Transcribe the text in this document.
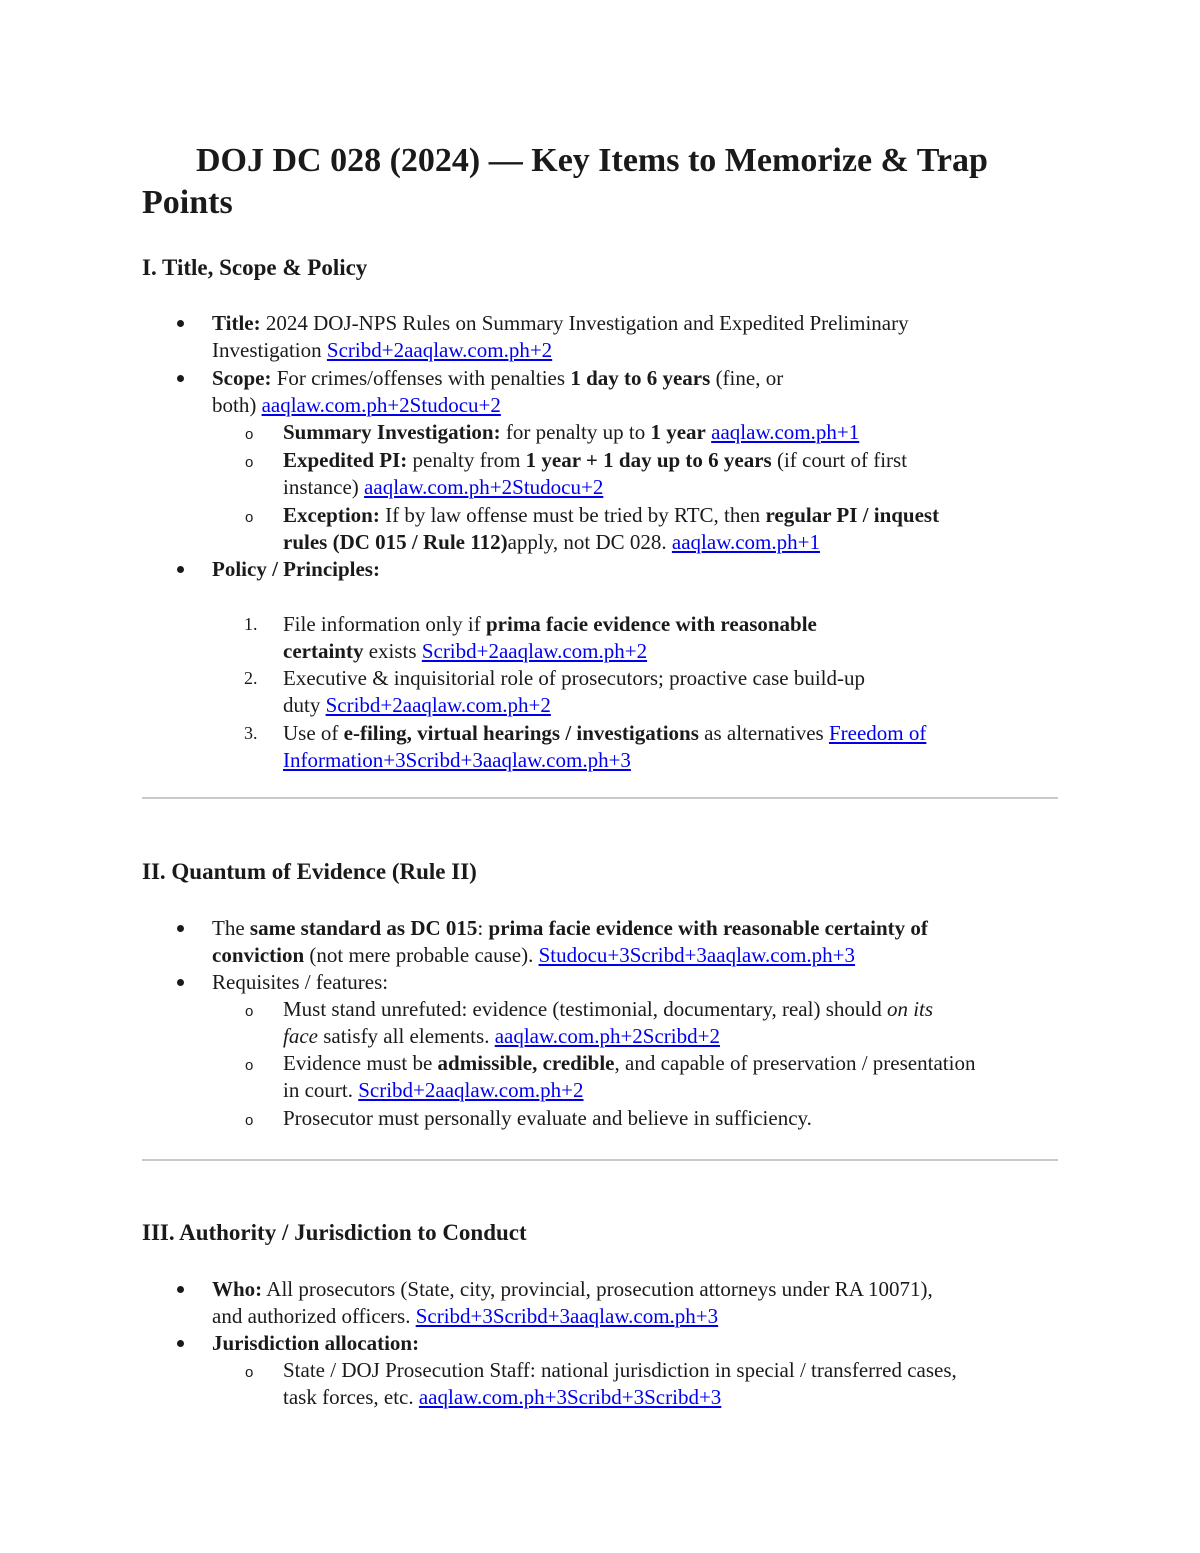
DOJ DC 028 (2024) — Key Items to Memorize & Trap Points
I. Title, Scope & Policy
Title: 2024 DOJ-NPS Rules on Summary Investigation and Expedited Preliminary
Investigation Scribd+2aaqlaw.com.ph+2
Scope: For crimes/offenses with penalties 1 day to 6 years (fine, or
both) aaqlaw.com.ph+2Studocu+2
o Summary Investigation: for penalty up to 1 year aaqlaw.com.ph+1
o Expedited PI: penalty from 1 year + 1 day up to 6 years (if court of first
instance) aaqlaw.com.ph+2Studocu+2
o Exception: If by law offense must be tried by RTC, then regular PI / inquest
rules (DC 015 / Rule 112)apply, not DC 028. aaqlaw.com.ph+1
Policy / Principles:
1. File information only if prima facie evidence with reasonable
certainty exists Scribd+2aaqlaw.com.ph+2
2. Executive & inquisitorial role of prosecutors; proactive case build-up
duty Scribd+2aaqlaw.com.ph+2
3. Use of e-filing, virtual hearings / investigations as alternatives Freedom of
Information+3Scribd+3aaqlaw.com.ph+3
II. Quantum of Evidence (Rule II)
The same standard as DC 015: prima facie evidence with reasonable certainty of
conviction (not mere probable cause). Studocu+3Scribd+3aaqlaw.com.ph+3
Requisites / features:
o Must stand unrefuted: evidence (testimonial, documentary, real) should on its
face satisfy all elements. aaqlaw.com.ph+2Scribd+2
o Evidence must be admissible, credible, and capable of preservation / presentation
in court. Scribd+2aaqlaw.com.ph+2
o Prosecutor must personally evaluate and believe in sufficiency.
III. Authority / Jurisdiction to Conduct
Who: All prosecutors (State, city, provincial, prosecution attorneys under RA 10071),
and authorized officers. Scribd+3Scribd+3aaqlaw.com.ph+3
Jurisdiction allocation:
o State / DOJ Prosecution Staff: national jurisdiction in special / transferred cases,
task forces, etc. aaqlaw.com.ph+3Scribd+3Scribd+3
